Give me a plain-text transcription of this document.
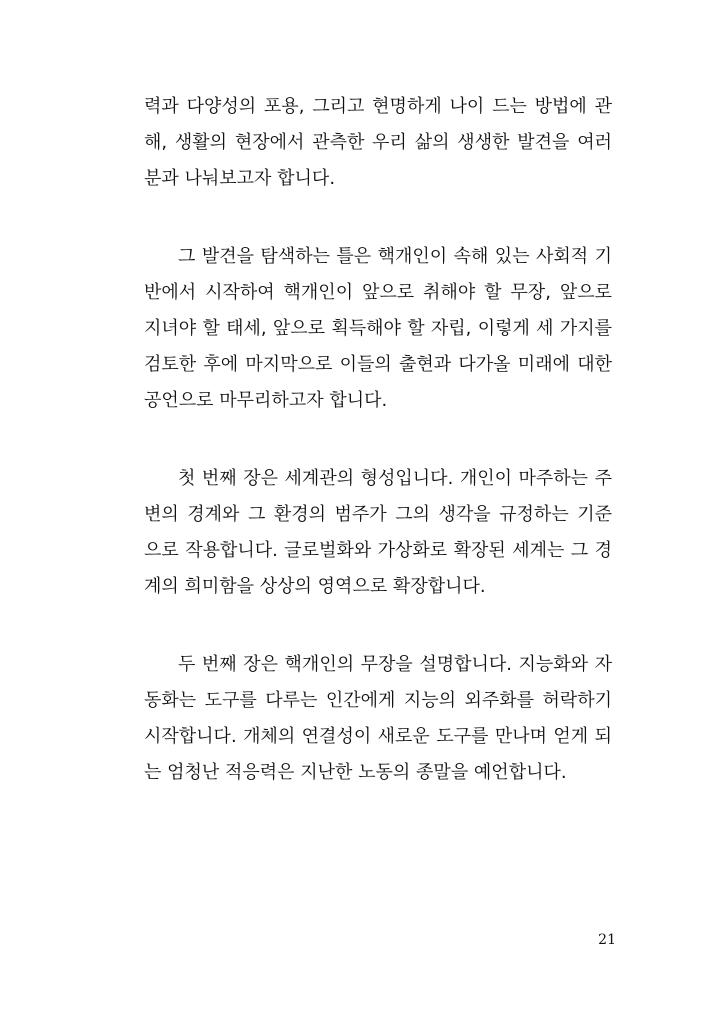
력과 다양성의 포용, 그리고 현명하게 나이 드는 방법에 관
해, 생활의 현장에서 관측한 우리 삶의 생생한 발견을 여러
분과 나눠보고자 합니다.

그 발견을 탐색하는 틀은 핵개인이 속해 있는 사회적 기
반에서 시작하여 핵개인이 앞으로 취해야 할 무장, 앞으로
지녀야 할 태세, 앞으로 획득해야 할 자립, 이렇게 세 가지를
검토한 후에 마지막으로 이들의 출현과 다가올 미래에 대한
공언으로 마무리하고자 합니다.

첫 번째 장은 세계관의 형성입니다. 개인이 마주하는 주
변의 경계와 그 환경의 범주가 그의 생각을 규정하는 기준
으로 작용합니다. 글로벌화와 가상화로 확장된 세계는 그 경
계의 희미함을 상상의 영역으로 확장합니다.

두 번째 장은 핵개인의 무장을 설명합니다. 지능화와 자
동화는 도구를 다루는 인간에게 지능의 외주화를 허락하기
시작합니다. 개체의 연결성이 새로운 도구를 만나며 얻게 되
는 엄청난 적응력은 지난한 노동의 종말을 예언합니다.

21
